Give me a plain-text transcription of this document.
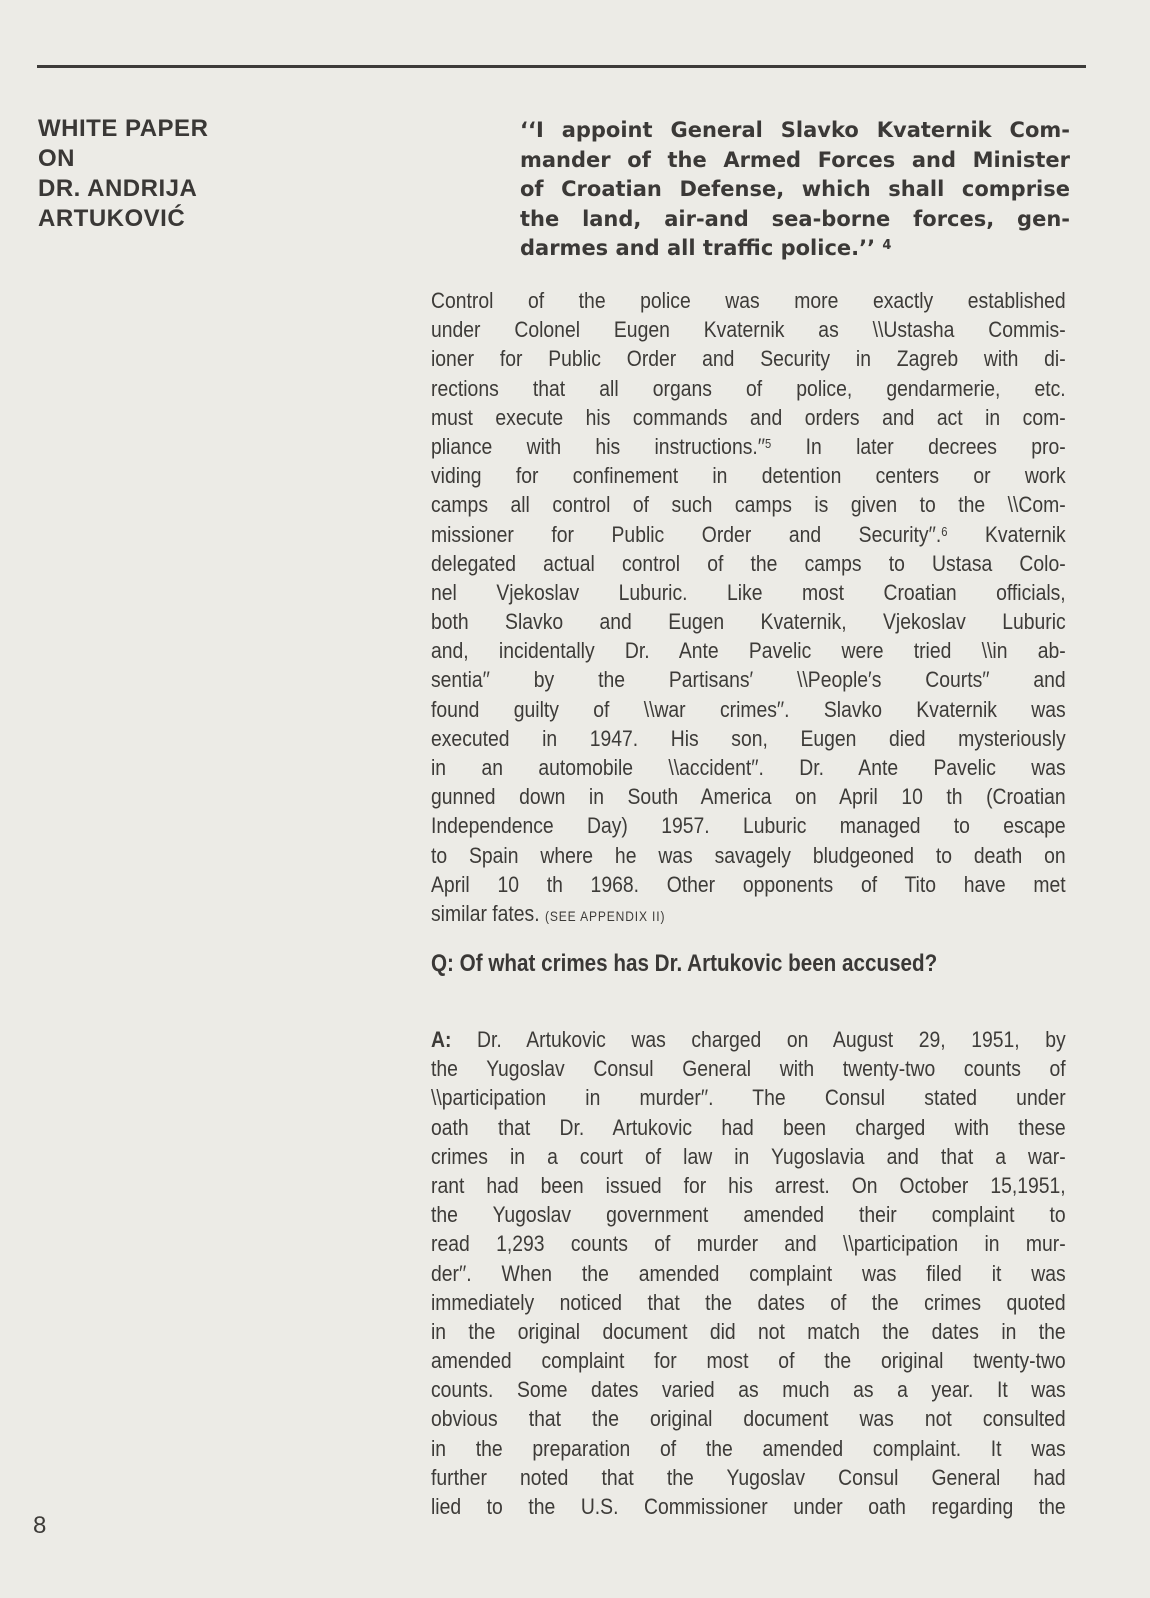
WHITE PAPER
ON
DR. ANDRIJA
ARTUKOVIĆ
‘‘I appoint General Slavko Kvaternik Com-
mander of the Armed Forces and Minister
of Croatian Defense, which shall comprise
the land, air-and sea-borne forces, gen-
darmes and all traffic police.’’ $^4$
Control of the police was more exactly established
under Colonel Eugen Kvaternik as \\Ustasha Commis-
ioner for Public Order and Security in Zagreb with di-
rections that all organs of police, gendarmerie, etc.
must execute his commands and orders and act in com-
pliance with his $instructions.''^5$ In later decrees pro-
viding for confinement in detention centers or work
camps all control of such camps is given to the \\Com-
missioner for Public Order and Security′′.$^6$ Kvaternik
delegated actual control of the camps to Ustasa Colo-
nel Vjekoslav Luburic. Like most Croatian officials,
both Slavko and Eugen Kvaternik, Vjekoslav Luburic
and, incidentally Dr. Ante Pavelic were tried \\in ab-
sentia′′ by the Partisans′ \\People′s Courts′′ and
found guilty of \\war crimes′′. Slavko Kvaternik was
executed in 1947. His son, Eugen died mysteriously
in an automobile \\accident′′. Dr. Ante Pavelic was
gunned down in South America on April 10 th (Croatian
Independence Day) 1957. Luburic managed to escape
to Spain where he was savagely bludgeoned to death on
April 10 th 1968. Other opponents of Tito have met
similar fates. (SEE APPENDIX II)
Q: Of what crimes has Dr. Artukovic been accused?
A: Dr. Artukovic was charged on August 29, 1951, by
the Yugoslav Consul General with twenty-two counts of
\\participation in murder′′. The Consul stated under
oath that Dr. Artukovic had been charged with these
crimes in a court of law in Yugoslavia and that a war-
rant had been issued for his arrest. On October 15,1951,
the Yugoslav government amended their complaint to
read 1,293 counts of murder and \\participation in mur-
der′′. When the amended complaint was filed it was
immediately noticed that the dates of the crimes quoted
in the original document did not match the dates in the
amended complaint for most of the original twenty-two
counts. Some dates varied as much as a year. It was
obvious that the original document was not consulted
in the preparation of the amended complaint. It was
further noted that the Yugoslav Consul General had
lied to the U.S. Commissioner under oath regarding the
8
